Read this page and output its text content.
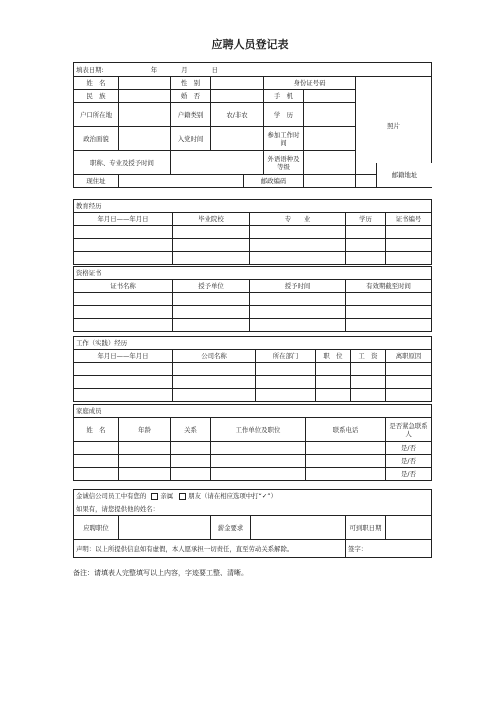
应聘人员登记表
填表日期: 年 月 日							
姓　名		性　别			身份证号码		照片
民　族		婚　否			手　机		
户口所在地		户籍类别	农/非农		学　历		
政治面貌		入党时间			参加工作时间		
职称、专业及授予时间					外语语种及等级		
现住址				邮政编码		
邮籍地址
教育经历				
年月日——年月日	毕业院校	专　　业	学历	证书编号

资格证书			
证书名称	授予单位	授予时间	有效期截至时间

工作（实践）经历					
年月日——年月日	公司名称	所在部门	职　位	工　资	离职原因

家庭成员					
姓　名	年龄	关系	工作单位及职位	联系电话	是否紧急联系人
					是/否
					是/否
					是/否
金诚信公司员工中有您的 亲属 朋友（请在相应选项中打“✓”）					
如果有，请您提供他的姓名：					
应聘职位		薪金要求		可到职日期	
声明：以上所提供信息如有虚假，本人愿承担一切责任，直至劳动关系解除。				签字：	
备注：请填表人完整填写以上内容，字迹要工整、清晰。
